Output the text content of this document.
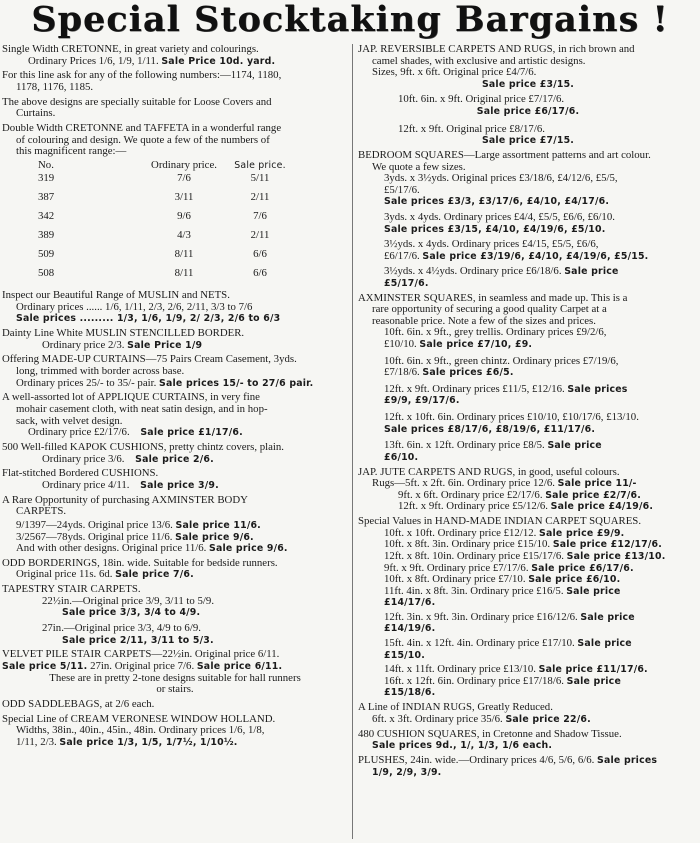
Special Stocktaking Bargains !
Single Width CRETONNE, in great variety and colourings.
Ordinary Prices 1/6, 1/9, 1/11. Sale Price 10d. yard.
For this line ask for any of the following numbers:—1174, 1180,
1178, 1176, 1185.
The above designs are specially suitable for Loose Covers and
Curtains.
Double Width CRETONNE and TAFFETA in a wonderful range
of colouring and design. We quote a few of the numbers of
this magnificent range:—
No.	Ordinary price.	Sale price.
319	7/6	5/11
387	3/11	2/11
342	9/6	7/6
389	4/3	2/11
509	8/11	6/6
508	8/11	6/6
Inspect our Beautiful Range of MUSLIN and NETS.
Ordinary prices ...... 1/6, 1/11, 2/3, 2/6, 2/11, 3/3 to 7/6
Sale prices ......... 1/3, 1/6, 1/9, 2/ 2/3, 2/6 to 6/3
Dainty Line White MUSLIN STENCILLED BORDER.
Ordinary price 2/3. Sale Price 1/9
Offering MADE-UP CURTAINS—75 Pairs Cream Casement, 3yds.
long, trimmed with border across base.
Ordinary prices 25/- to 35/- pair. Sale prices 15/- to 27/6 pair.
A well-assorted lot of APPLIQUE CURTAINS, in very fine
mohair casement cloth, with neat satin design, and in hop-
sack, with velvet design.
Ordinary price £2/17/6. Sale price £1/17/6.
500 Well-filled KAPOK CUSHIONS, pretty chintz covers, plain.
Ordinary price 3/6. Sale price 2/6.
Flat-stitched Bordered CUSHIONS.
Ordinary price 4/11. Sale price 3/9.
A Rare Opportunity of purchasing AXMINSTER BODY
CARPETS.
9/1397—24yds. Original price 13/6. Sale price 11/6.
3/2567—78yds. Original price 11/6. Sale price 9/6.
And with other designs. Original price 11/6. Sale price 9/6.
ODD BORDERINGS, 18in. wide. Suitable for bedside runners.
Original price 11s. 6d. Sale price 7/6.
TAPESTRY STAIR CARPETS.
22½in.—Original price 3/9, 3/11 to 5/9.
Sale price 3/3, 3/4 to 4/9.
27in.—Original price 3/3, 4/9 to 6/9.
Sale price 2/11, 3/11 to 5/3.
VELVET PILE STAIR CARPETS—22½in. Original price 6/11.
Sale price 5/11. 27in. Original price 7/6. Sale price 6/11.
These are in pretty 2-tone designs suitable for hall runners
or stairs.
ODD SADDLEBAGS, at 2/6 each.
Special Line of CREAM VERONESE WINDOW HOLLAND.
Widths, 38in., 40in., 45in., 48in. Ordinary prices 1/6, 1/8,
1/11, 2/3. Sale price 1/3, 1/5, 1/7½, 1/10½.
JAP. REVERSIBLE CARPETS AND RUGS, in rich brown and
camel shades, with exclusive and artistic designs.
Sizes, 9ft. x 6ft. Original price £4/7/6.
Sale price £3/15.
10ft. 6in. x 9ft. Original price £7/17/6.
Sale price £6/17/6.
12ft. x 9ft. Original price £8/17/6.
Sale price £7/15.
BEDROOM SQUARES—Large assortment patterns and art colour.
We quote a few sizes.
3yds. x 3½yds. Original prices £3/18/6, £4/12/6, £5/5,
£5/17/6.
Sale prices £3/3, £3/17/6, £4/10, £4/17/6.
3yds. x 4yds. Ordinary prices £4/4, £5/5, £6/6, £6/10.
Sale prices £3/15, £4/10, £4/19/6, £5/10.
3½yds. x 4yds. Ordinary prices £4/15, £5/5, £6/6,
£6/17/6. Sale price £3/19/6, £4/10, £4/19/6, £5/15.
3½yds. x 4½yds. Ordinary price £6/18/6. Sale price
£5/17/6.
AXMINSTER SQUARES, in seamless and made up. This is a
rare opportunity of securing a good quality Carpet at a
reasonable price. Note a few of the sizes and prices.
10ft. 6in. x 9ft., grey trellis. Ordinary prices £9/2/6,
£10/10. Sale price £7/10, £9.
10ft. 6in. x 9ft., green chintz. Ordinary prices £7/19/6,
£7/18/6. Sale prices £6/5.
12ft. x 9ft. Ordinary prices £11/5, £12/16. Sale prices
£9/9, £9/17/6.
12ft. x 10ft. 6in. Ordinary prices £10/10, £10/17/6, £13/10.
Sale prices £8/17/6, £8/19/6, £11/17/6.
13ft. 6in. x 12ft. Ordinary price £8/5. Sale price
£6/10.
JAP. JUTE CARPETS AND RUGS, in good, useful colours.
Rugs—5ft. x 2ft. 6in. Ordinary price 12/6. Sale price 11/-
9ft. x 6ft. Ordinary price £2/17/6. Sale price £2/7/6.
12ft. x 9ft. Ordinary price £5/12/6. Sale price £4/19/6.
Special Values in HAND-MADE INDIAN CARPET SQUARES.
10ft. x 10ft. Ordinary price £12/12. Sale price £9/9.
10ft. x 8ft. 3in. Ordinary price £15/10. Sale price £12/17/6.
12ft. x 8ft. 10in. Ordinary price £15/17/6. Sale price £13/10.
9ft. x 9ft. Ordinary price £7/17/6. Sale price £6/17/6.
10ft. x 8ft. Ordinary price £7/10. Sale price £6/10.
11ft. 4in. x 8ft. 3in. Ordinary price £16/5. Sale price
£14/17/6.
12ft. 3in. x 9ft. 3in. Ordinary price £16/12/6. Sale price
£14/19/6.
15ft. 4in. x 12ft. 4in. Ordinary price £17/10. Sale price
£15/10.
14ft. x 11ft. Ordinary price £13/10. Sale price £11/17/6.
16ft. x 12ft. 6in. Ordinary price £17/18/6. Sale price
£15/18/6.
A Line of INDIAN RUGS, Greatly Reduced.
6ft. x 3ft. Ordinary price 35/6. Sale price 22/6.
480 CUSHION SQUARES, in Cretonne and Shadow Tissue.
Sale prices 9d., 1/, 1/3, 1/6 each.
PLUSHES, 24in. wide.—Ordinary prices 4/6, 5/6, 6/6. Sale prices
1/9, 2/9, 3/9.
